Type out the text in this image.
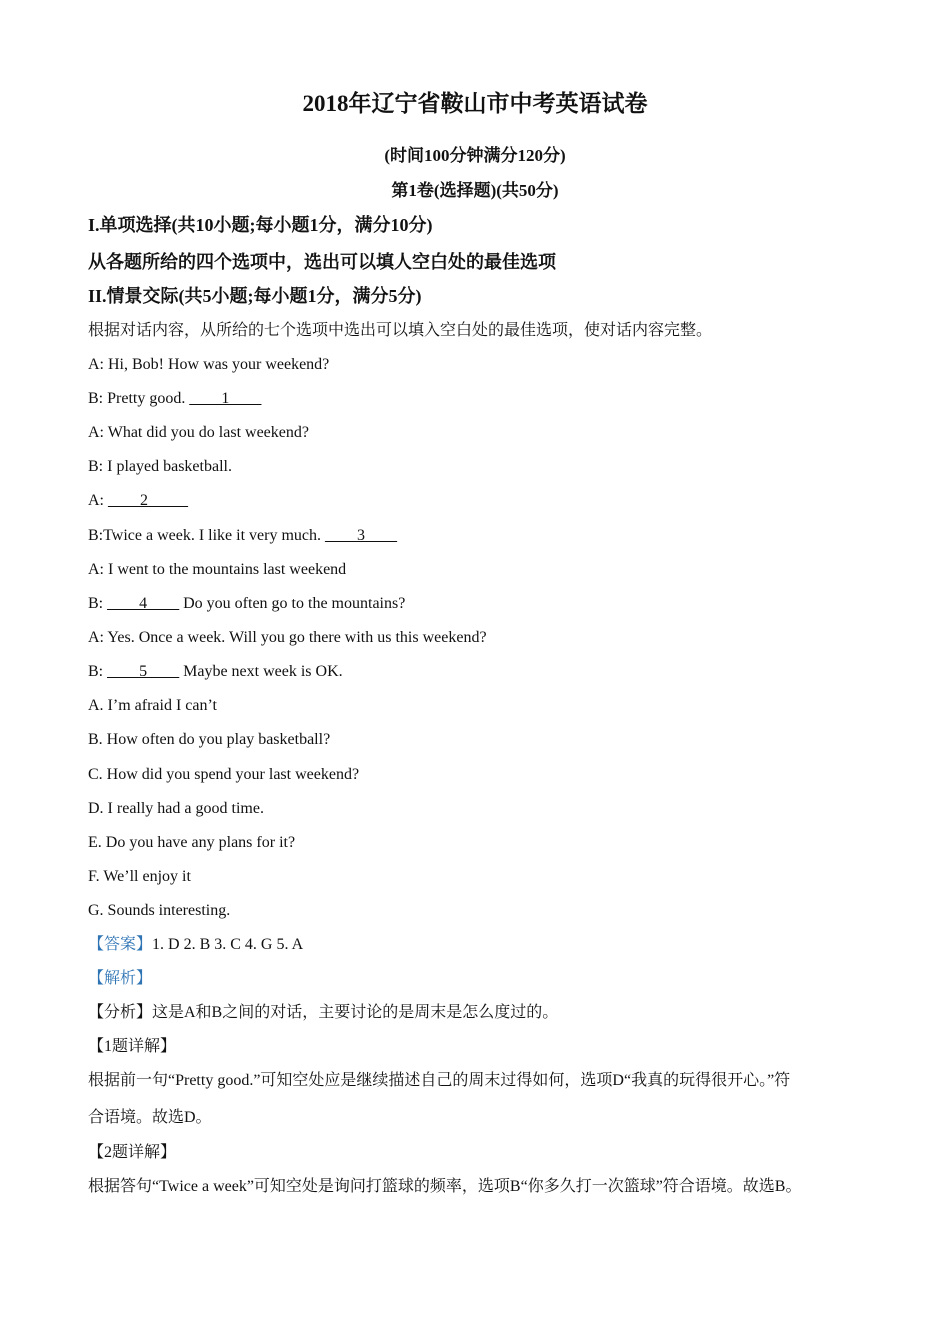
2018年辽宁省鞍山市中考英语试卷
(时间100分钟满分120分)
第1卷(选择题)(共50分)
I.单项选择(共10小题;每小题1分，满分10分)
从各题所给的四个选项中，选出可以填人空白处的最佳选项
II.情景交际(共5小题;每小题1分，满分5分)
根据对话内容，从所给的七个选项中选出可以填入空白处的最佳选项，使对话内容完整。
A: Hi, Bob! How was your weekend?
B: Pretty good. ____1____
A: What did you do last weekend?
B: I played basketball.
A: ____2_____
B:Twice a week. I like it very much. ____3____
A: I went to the mountains last weekend
B: ____4____ Do you often go to the mountains?
A: Yes. Once a week. Will you go there with us this weekend?
B: ____5____ Maybe next week is OK.
A. I’m afraid I can’t
B. How often do you play basketball?
C. How did you spend your last weekend?
D. I really had a good time.
E. Do you have any plans for it?
F. We’ll enjoy it
G. Sounds interesting.
【答案】1. D 2. B 3. C 4. G 5. A
【解析】
【分析】这是A和B之间的对话，主要讨论的是周末是怎么度过的。
【1题详解】
根据前一句“Pretty good.”可知空处应是继续描述自己的周末过得如何，选项D“我真的玩得很开心。”符
合语境。故选D。
【2题详解】
根据答句“Twice a week”可知空处是询问打篮球的频率，选项B“你多久打一次篮球”符合语境。故选B。
